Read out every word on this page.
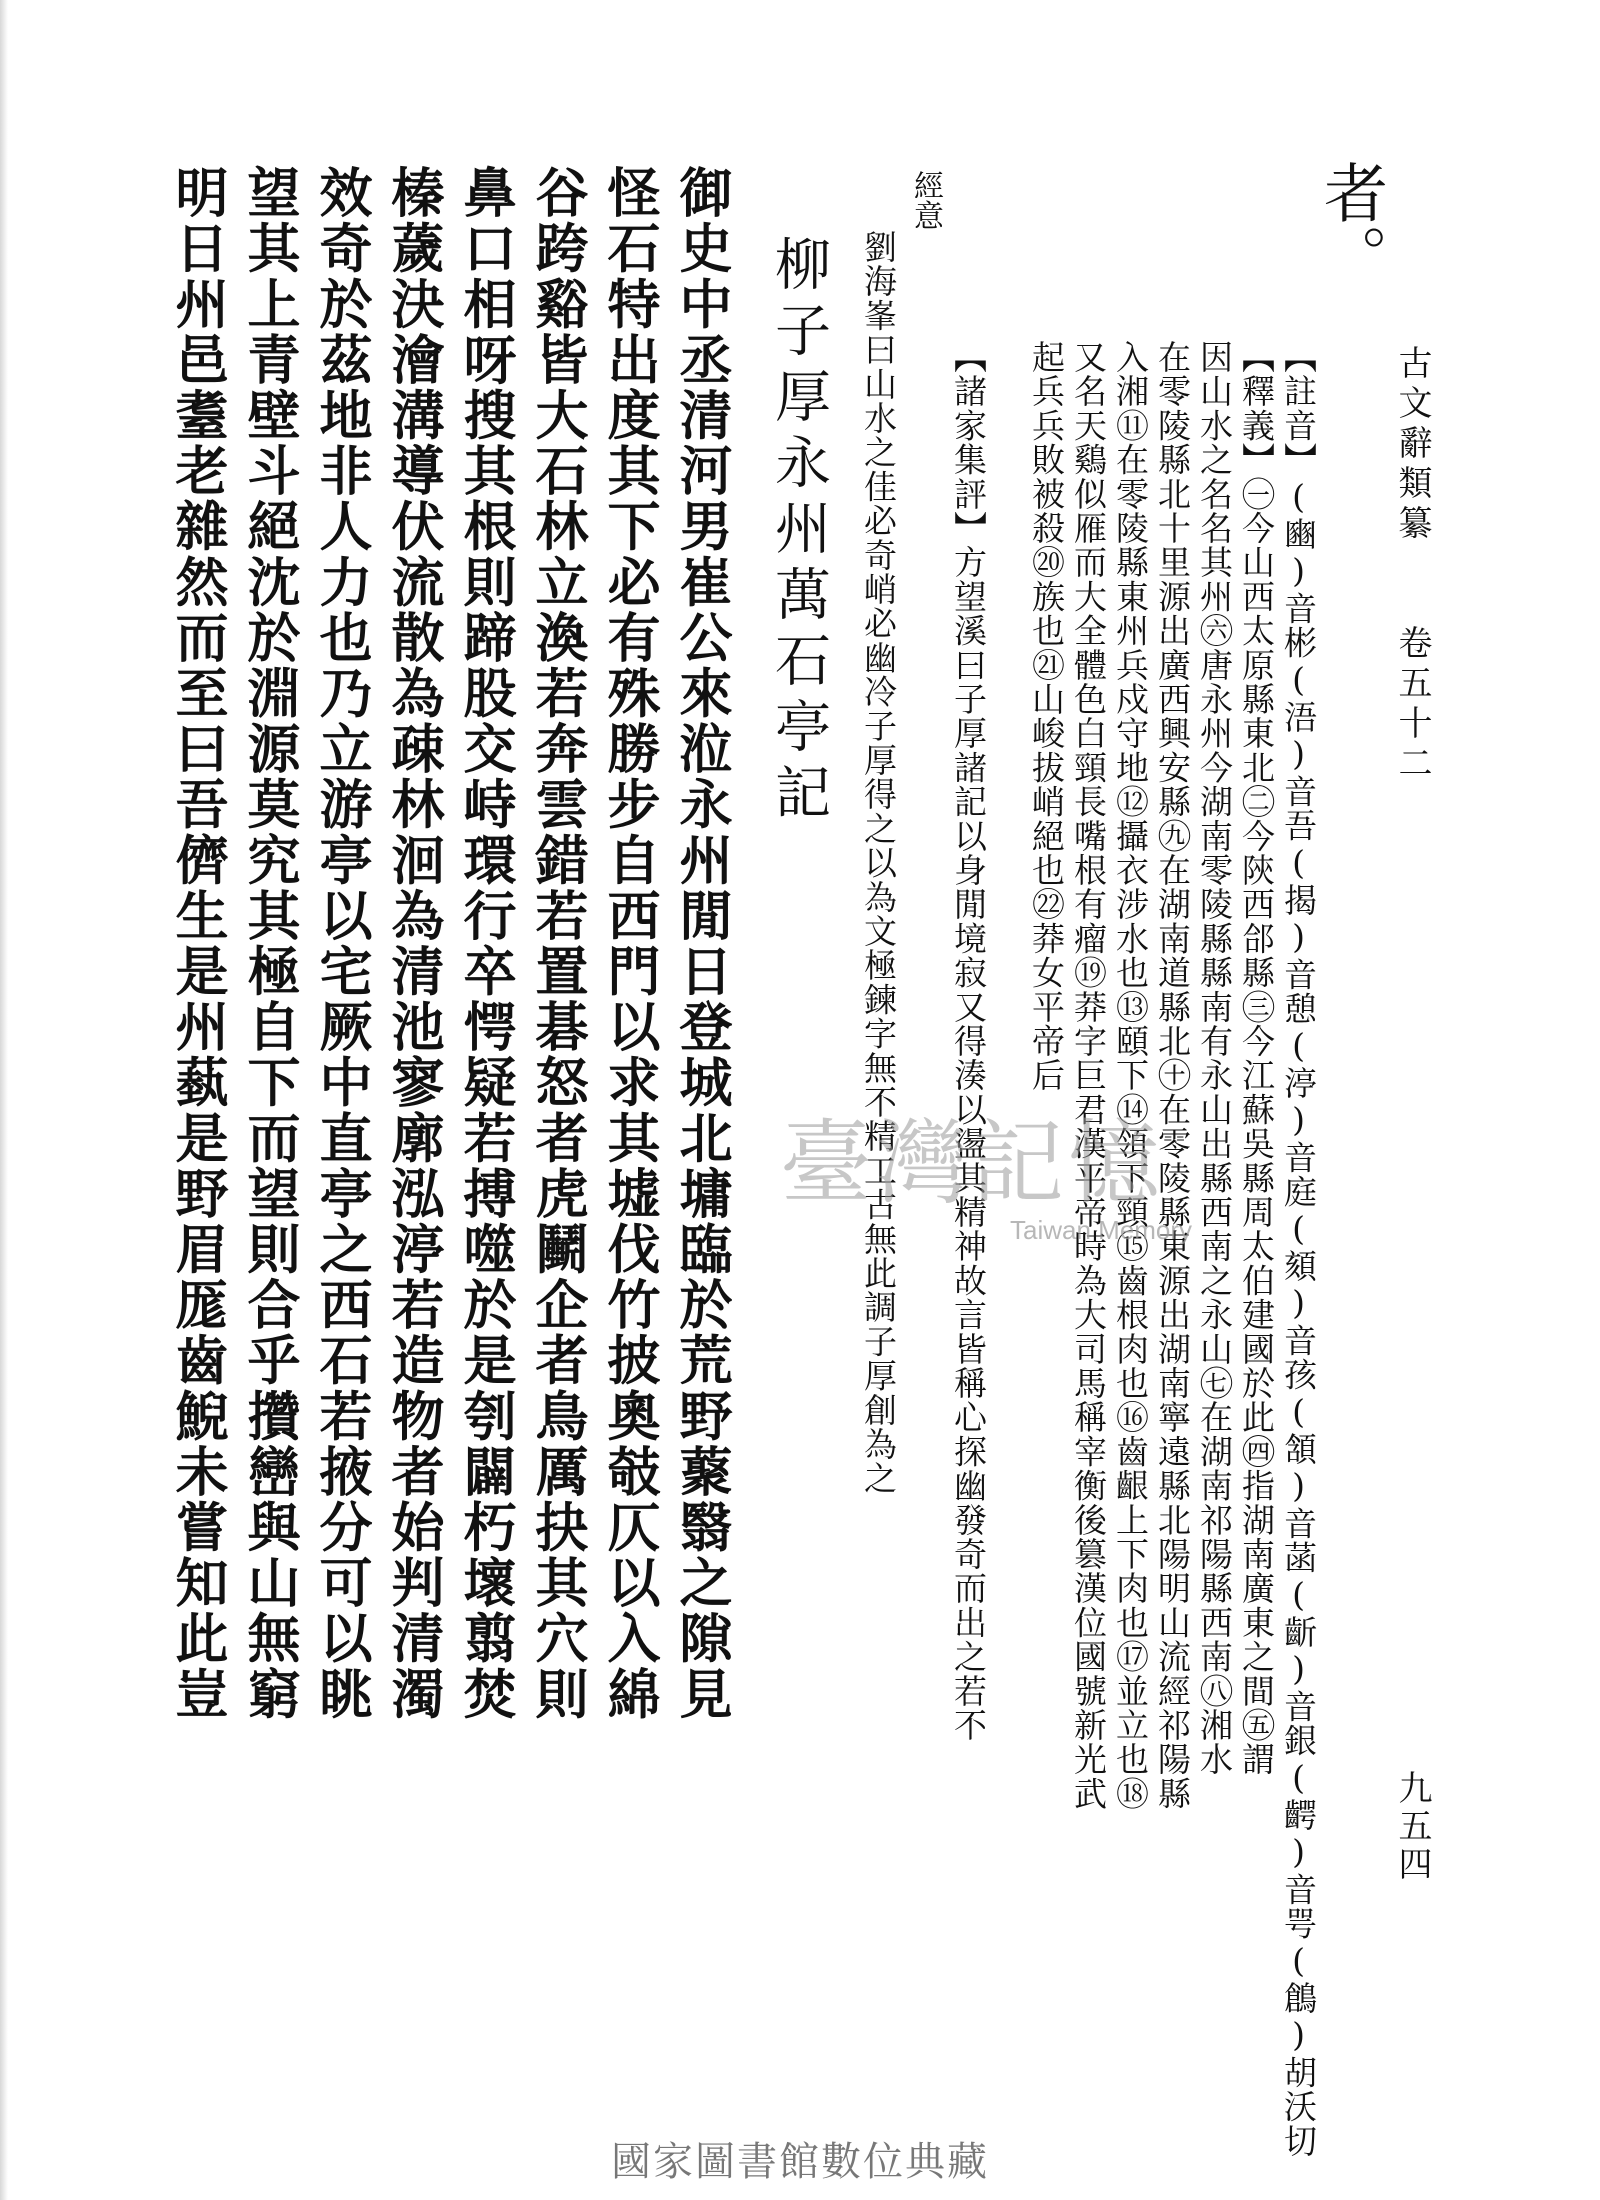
古文辭類纂　　卷五十二
九五四
者。
【註音】(豳)音彬(浯)音吾(揭)音憩(渟)音庭(頦)音孩(頷)音菡(齗)音銀(齶)音咢(鶬)胡沃切
【釋義】㊀今山西太原縣東北㊁今陝西郃縣㊂今江蘇吳縣周太伯建國於此㊃指湖南廣東之間㊄謂
因山水之名名其州㊅唐永州今湖南零陵縣縣南有永山出縣西南之永山㊆在湖南祁陽縣西南㊇湘水
在零陵縣北十里源出廣西興安縣㊈在湖南道縣北㊉在零陵縣東源出湖南寧遠縣北陽明山流經祁陽縣
入湘⑪在零陵縣東州兵戍守地⑫攝衣涉水也⑬頤下⑭領下頸⑮齒根肉也⑯齒齦上下肉也⑰並立也⑱
又名天鷄似雁而大全體色白頸長嘴根有瘤⑲莽字巨君漢平帝時為大司馬稱宰衡後篡漢位國號新光武
起兵兵敗被殺⑳族也㉑山峻拔峭絕也㉒莽女平帝后
【諸家集評】方望溪曰子厚諸記以身閒境寂又得湊以盪其精神故言皆稱心探幽發奇而出之若不
經意
劉海峯曰山水之佳必奇峭必幽冷子厚得之以為文極鍊字無不精工古無此調子厚創為之
柳子厚永州萬石亭記
御史中丞清河男崔公來涖永州閒日登城北墉臨於荒野藂翳之隙見
怪石特出度其下必有殊勝步自西門以求其墟伐竹披奧攲仄以入綿
谷跨谿皆大石林立渙若奔雲錯若置碁怒者虎鬭企者鳥厲抉其穴則
鼻口相呀搜其根則蹄股交峙環行卒愕疑若搏噬於是刳闢朽壞翦焚
榛薉決澮溝導伏流散為疎林洄為清池寥廓泓渟若造物者始判清濁
效奇於茲地非人力也乃立游亭以宅厥中直亭之西石若掖分可以眺
望其上青壁斗絕沈於淵源莫究其極自下而望則合乎攢巒與山無窮
明日州邑耋老雜然而至曰吾儕生是州蓺是野眉厖齒鯢未嘗知此豈	臺灣記憶
Taiwan Memory
國家圖書館數位典藏
